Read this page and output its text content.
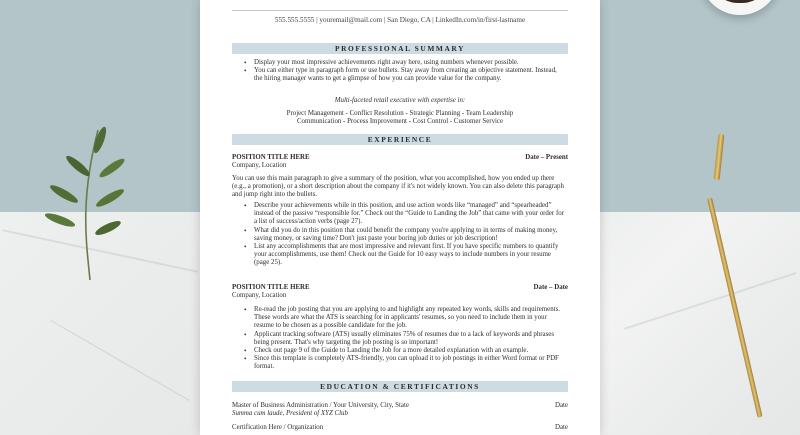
555.555.5555 | youremail@mail.com | San Diego, CA | LinkedIn.com/in/first-lastname
PROFESSIONAL SUMMARY
• Display your most impressive achievements right away here, using numbers whenever possible.
• You can either type in paragraph form or use bullets. Stay away from creating an objective statement. Instead, the hiring manager wants to get a glimpse of how you can provide value for the company.
Multi-faceted retail executive with expertise in:
Project Management - Conflict Resolution - Strategic Planning - Team Leadership
Communication - Process Improvement - Cost Control - Customer Service
EXPERIENCE
POSITION TITLE HERE	Date – Present
Company, Location
You can use this main paragraph to give a summary of the position, what you accomplished, how you ended up there (e.g., a promotion), or a short description about the company if it's not widely known. You can also delete this paragraph and jump right into the bullets.
• Describe your achievements while in this position, and use action words like “managed” and “spearheaded” instead of the passive “responsible for.” Check out the “Guide to Landing the Job” that came with your order for a list of success/action verbs (page 27).
• What did you do in this position that could benefit the company you're applying to in terms of making money, saving money, or saving time? Don't just paste your boring job duties or job description!
• List any accomplishments that are most impressive and relevant first. If you have specific numbers to quantify your accomplishments, use them! Check out the Guide for 10 easy ways to include numbers in your resume (page 25).
POSITION TITLE HERE	Date – Date
Company, Location
• Re-read the job posting that you are applying to and highlight any repeated key words, skills and requirements. These words are what the ATS is searching for in applicants' resumes, so you need to include them in your resume to be chosen as a possible candidate for the job.
• Applicant tracking software (ATS) usually eliminates 75% of resumes due to a lack of keywords and phrases being present. That's why targeting the job posting is so important!
• Check out page 9 of the Guide to Landing the Job for a more detailed explanation with an example.
• Since this template is completely ATS-friendly, you can upload it to job postings in either Word format or PDF format.
EDUCATION & CERTIFICATIONS
Master of Business Administration / Your University, City, State	Date
Summa cum laude, President of XYZ Club
Certification Here / Organization	Date
